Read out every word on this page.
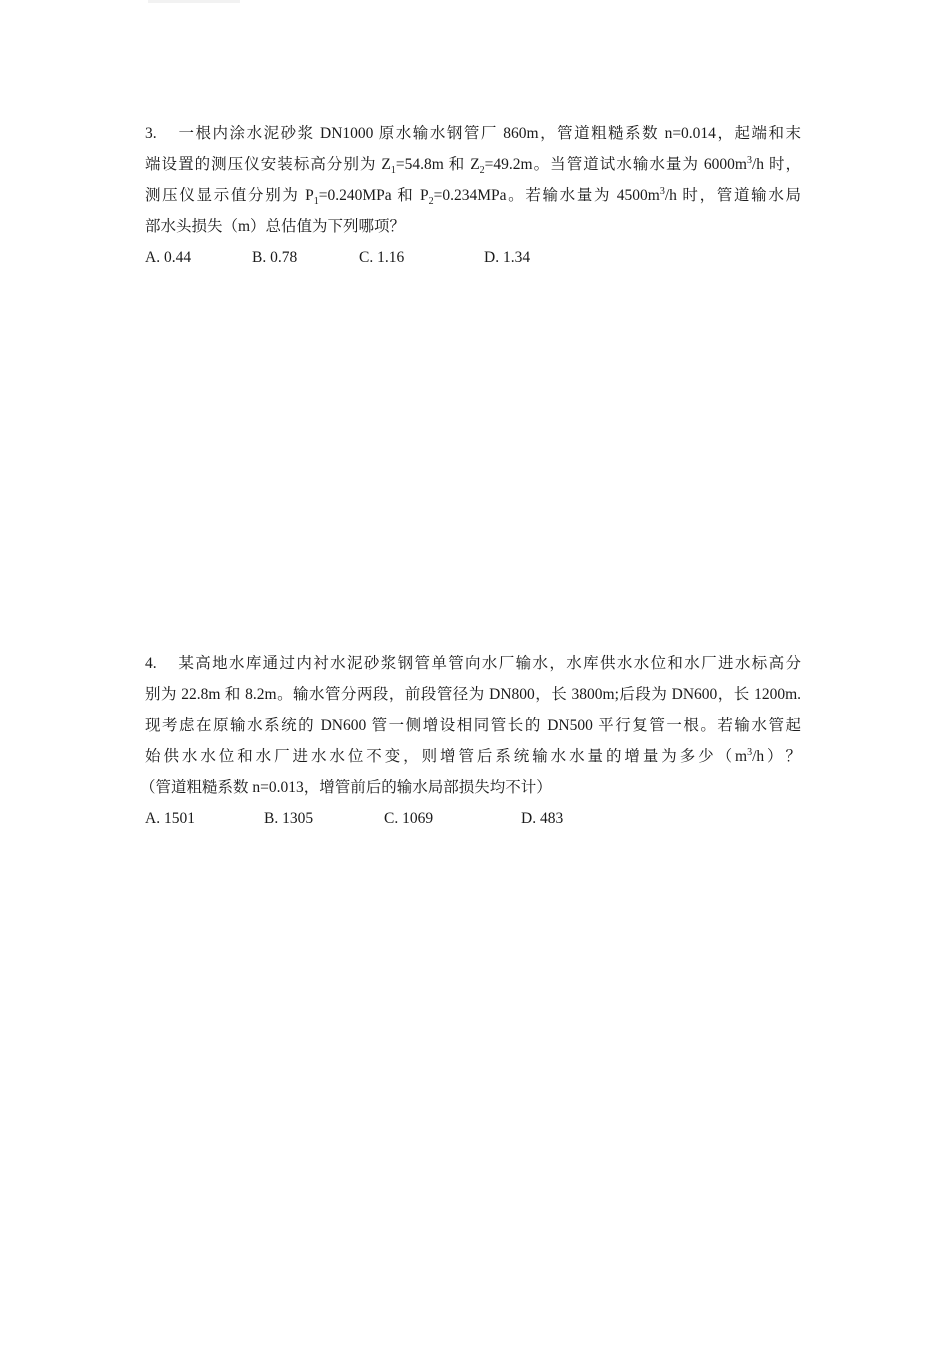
3. 一根内涂水泥砂浆 DN1000 原水输水钢管厂 860m，管道粗糙系数 n=0.014，起端和末
端设置的测压仪安装标高分别为 $Z_1=54.8m$ 和 $Z_2=49.2m$。当管道试水输水量为 $6000m^3/h$ 时，
测压仪显示值分别为 $P_1=0.240MPa$ 和 $P_2=0.234MPa$。若输水量为 $4500m^3/h$ 时，管道输水局
部水头损失（m）总估值为下列哪项？
A. 0.44	B. 0.78	C. 1.16	D. 1.34
4. 某高地水库通过内衬水泥砂浆钢管单管向水厂输水，水库供水水位和水厂进水标高分
别为 22.8m 和 8.2m。输水管分两段，前段管径为 DN800，长 3800m;后段为 DN600，长 1200m.
现考虑在原输水系统的 DN600 管一侧增设相同管长的 DN500 平行复管一根。若输水管起
始供水水位和水厂进水水位不变，则增管后系统输水水量的增量为多少$(m^3/h)$？
（管道粗糙系数 n=0.013，增管前后的输水局部损失均不计）
A. 1501	B. 1305	C. 1069	D. 483
